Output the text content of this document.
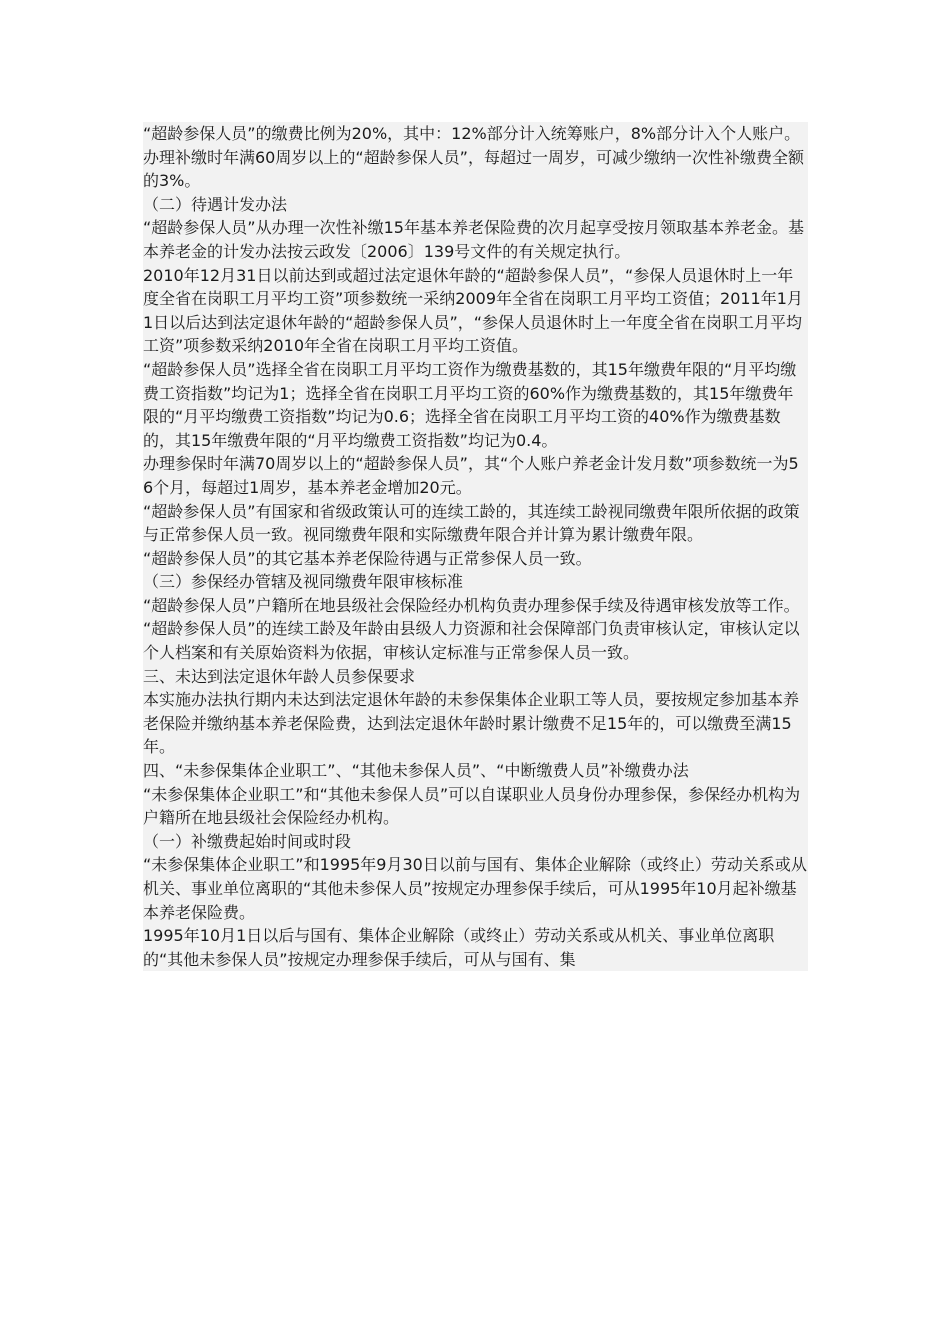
“超龄参保人员”的缴费比例为20%，其中：12%部分计入统筹账户，8%部分计入个人账户。

办理补缴时年满60周岁以上的“超龄参保人员”，每超过一周岁，可减少缴纳一次性补缴费全额的3%。

（二）待遇计发办法

“超龄参保人员”从办理一次性补缴15年基本养老保险费的次月起享受按月领取基本养老金。基本养老金的计发办法按云政发〔2006〕139号文件的有关规定执行。

2010年12月31日以前达到或超过法定退休年龄的“超龄参保人员”，“参保人员退休时上一年度全省在岗职工月平均工资”项参数统一采纳2009年全省在岗职工月平均工资值；2011年1月1日以后达到法定退休年龄的“超龄参保人员”，“参保人员退休时上一年度全省在岗职工月平均工资”项参数采纳2010年全省在岗职工月平均工资值。

“超龄参保人员”选择全省在岗职工月平均工资作为缴费基数的，其15年缴费年限的“月平均缴费工资指数”均记为1；选择全省在岗职工月平均工资的60%作为缴费基数的，其15年缴费年限的“月平均缴费工资指数”均记为0.6；选择全省在岗职工月平均工资的40%作为缴费基数的，其15年缴费年限的“月平均缴费工资指数”均记为0.4。

办理参保时年满70周岁以上的“超龄参保人员”，其“个人账户养老金计发月数”项参数统一为56个月，每超过1周岁，基本养老金增加20元。

“超龄参保人员”有国家和省级政策认可的连续工龄的，其连续工龄视同缴费年限所依据的政策与正常参保人员一致。视同缴费年限和实际缴费年限合并计算为累计缴费年限。

“超龄参保人员”的其它基本养老保险待遇与正常参保人员一致。

（三）参保经办管辖及视同缴费年限审核标准

“超龄参保人员”户籍所在地县级社会保险经办机构负责办理参保手续及待遇审核发放等工作。

“超龄参保人员”的连续工龄及年龄由县级人力资源和社会保障部门负责审核认定，审核认定以个人档案和有关原始资料为依据，审核认定标准与正常参保人员一致。

三、未达到法定退休年龄人员参保要求

本实施办法执行期内未达到法定退休年龄的未参保集体企业职工等人员，要按规定参加基本养老保险并缴纳基本养老保险费，达到法定退休年龄时累计缴费不足15年的，可以缴费至满15年。

四、“未参保集体企业职工”、“其他未参保人员”、“中断缴费人员”补缴费办法

“未参保集体企业职工”和“其他未参保人员”可以自谋职业人员身份办理参保，参保经办机构为户籍所在地县级社会保险经办机构。

（一）补缴费起始时间或时段

“未参保集体企业职工”和1995年9月30日以前与国有、集体企业解除（或终止）劳动关系或从机关、事业单位离职的“其他未参保人员”按规定办理参保手续后，可从1995年10月起补缴基本养老保险费。

1995年10月1日以后与国有、集体企业解除（或终止）劳动关系或从机关、事业单位离职的“其他未参保人员”按规定办理参保手续后，可从与国有、集
